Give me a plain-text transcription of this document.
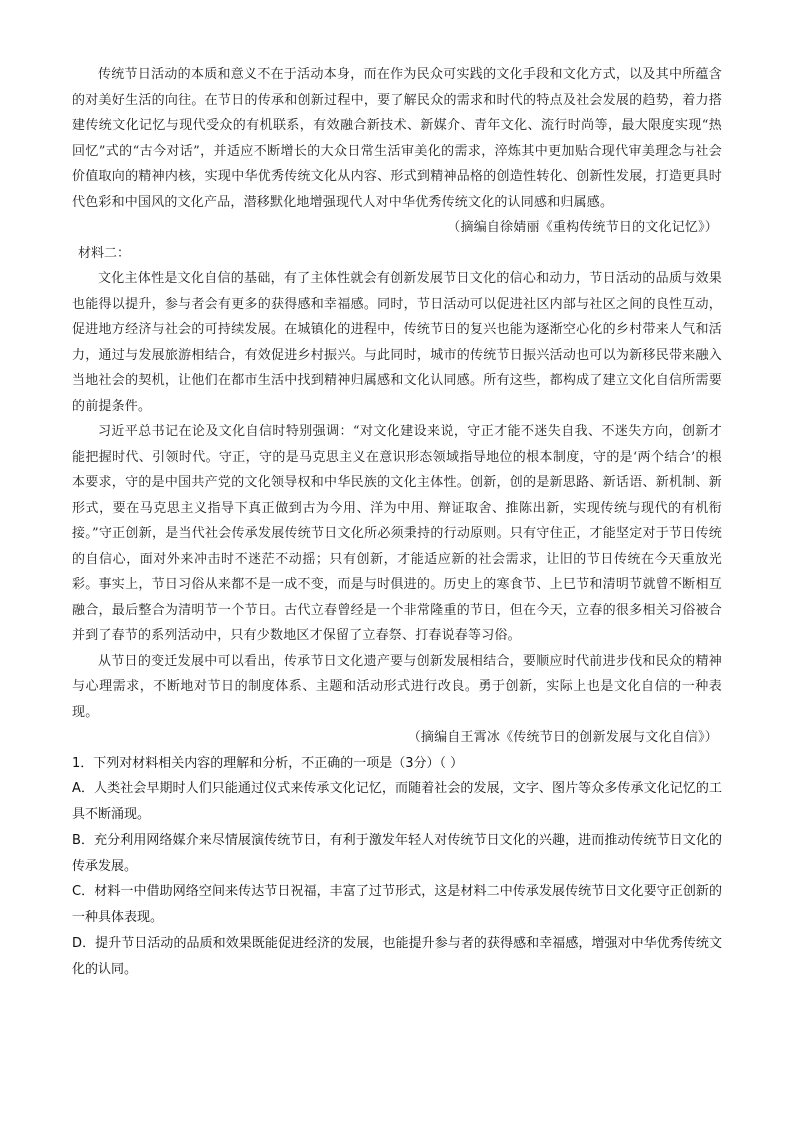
传统节日活动的本质和意义不在于活动本身，而在作为民众可实践的文化手段和文化方式，以及其中所蕴含的对美好生活的向往。在节日的传承和创新过程中，要了解民众的需求和时代的特点及社会发展的趋势，着力搭建传统文化记忆与现代受众的有机联系，有效融合新技术、新媒介、青年文化、流行时尚等，最大限度实现“热回忆”式的“古今对话”，并适应不断增长的大众日常生活审美化的需求，淬炼其中更加贴合现代审美理念与社会价值取向的精神内核，实现中华优秀传统文化从内容、形式到精神品格的创造性转化、创新性发展，打造更具时代色彩和中国风的文化产品，潜移默化地增强现代人对中华优秀传统文化的认同感和归属感。

（摘编自徐婧丽《重构传统节日的文化记忆》）
材料二：

文化主体性是文化自信的基础，有了主体性就会有创新发展节日文化的信心和动力，节日活动的品质与效果也能得以提升，参与者会有更多的获得感和幸福感。同时，节日活动可以促进社区内部与社区之间的良性互动，促进地方经济与社会的可持续发展。在城镇化的进程中，传统节日的复兴也能为逐渐空心化的乡村带来人气和活力，通过与发展旅游相结合，有效促进乡村振兴。与此同时，城市的传统节日振兴活动也可以为新移民带来融入当地社会的契机，让他们在都市生活中找到精神归属感和文化认同感。所有这些，都构成了建立文化自信所需要的前提条件。

习近平总书记在论及文化自信时特别强调：“对文化建设来说，守正才能不迷失自我、不迷失方向，创新才能把握时代、引领时代。守正，守的是马克思主义在意识形态领域指导地位的根本制度，守的是‘两个结合’的根本要求，守的是中国共产党的文化领导权和中华民族的文化主体性。创新，创的是新思路、新话语、新机制、新形式，要在马克思主义指导下真正做到古为今用、洋为中用、辩证取舍、推陈出新，实现传统与现代的有机衔接。”守正创新，是当代社会传承发展传统节日文化所必须秉持的行动原则。只有守住正，才能坚定对于节日传统的自信心，面对外来冲击时不迷茫不动摇；只有创新，才能适应新的社会需求，让旧的节日传统在今天重放光彩。事实上，节日习俗从来都不是一成不变，而是与时俱进的。历史上的寒食节、上巳节和清明节就曾不断相互融合，最后整合为清明节一个节日。古代立春曾经是一个非常隆重的节日，但在今天，立春的很多相关习俗被合并到了春节的系列活动中，只有少数地区才保留了立春祭、打春说春等习俗。

从节日的变迁发展中可以看出，传承节日文化遗产要与创新发展相结合，要顺应时代前进步伐和民众的精神与心理需求，不断地对节日的制度体系、主题和活动形式进行改良。勇于创新，实际上也是文化自信的一种表现。

（摘编自王霄冰《传统节日的创新发展与文化自信》）

1．下列对材料相关内容的理解和分析，不正确的一项是（3分）（ ）

A．人类社会早期时人们只能通过仪式来传承文化记忆，而随着社会的发展，文字、图片等众多传承文化记忆的工具不断涌现。

B．充分利用网络媒介来尽情展演传统节日，有利于激发年轻人对传统节日文化的兴趣，进而推动传统节日文化的传承发展。

C．材料一中借助网络空间来传达节日祝福，丰富了过节形式，这是材料二中传承发展传统节日文化要守正创新的一种具体表现。

D．提升节日活动的品质和效果既能促进经济的发展，也能提升参与者的获得感和幸福感，增强对中华优秀传统文化的认同。
